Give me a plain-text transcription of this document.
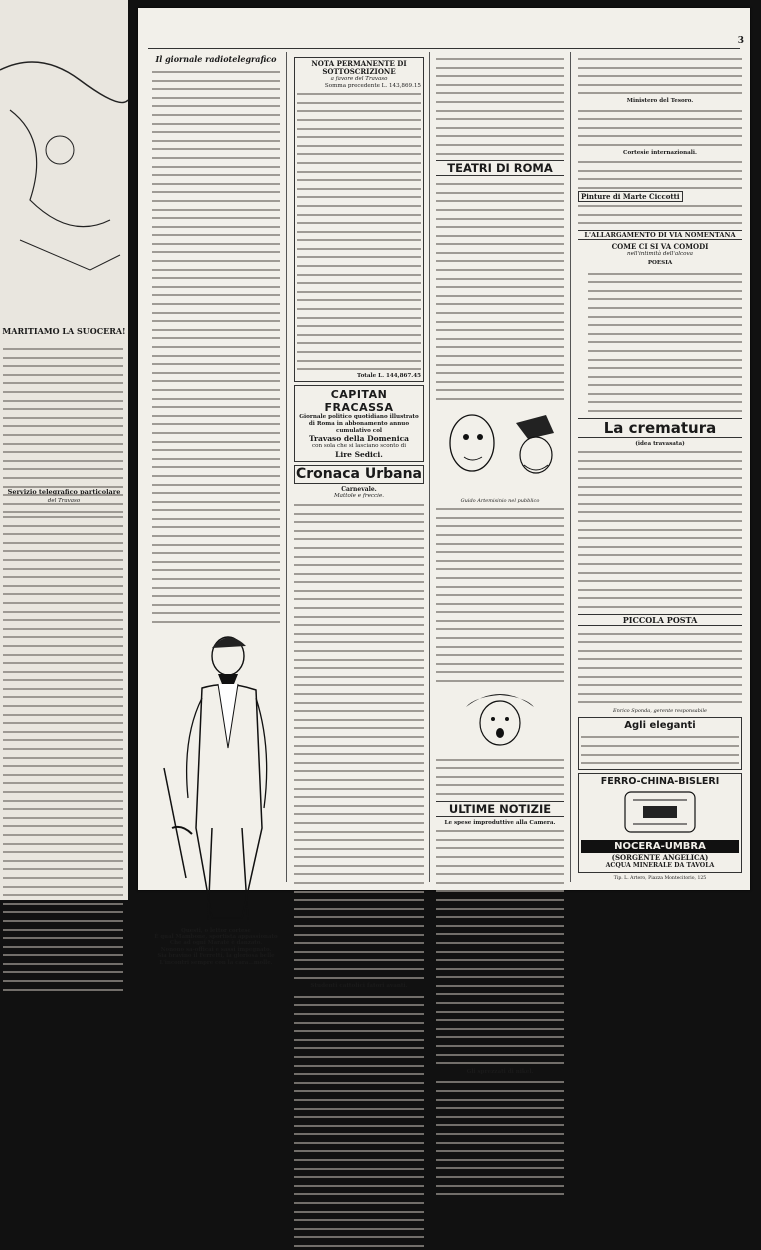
MARITIAMO LA SUOCERA!
3
Il giornale radiotelegrafico
Questi, o lettor cortese
È qual Mambone, sportista appassionato
Che ad ogni Maratè è danzato.
Nonono sa-officai e sassi impegnato.
Sia bravino il Ferretti, la gloriosa belle
L'incontri sempre con la cara...molle.
NOTA PERMANENTE DI SOTTOSCRIZIONE
a favore del Travaso
Somma precedente L. 143,869.15
Totale L. 144,867.45
CAPITAN FRACASSA
Giornale politico quotidiano illustrato di Roma in abbonamento annuo cumulativo col
Travaso della Domenica
con sola che si lasciano sconto di
Lire Sedici.
Cronaca Urbana
Carnevale.
Mattole e freccie.
Studenti cattolici fatori avanti.
TEATRI DI ROMA
Guido Artemisinio nel pubblico
ULTIME NOTIZIE
Le spese improduttive alla Camera.
Gli sprezzati di nikel.
Ministero del Tesoro.
Cortesie internazionali.
Pinture di Marte Ciccotti
L'ALLARGAMENTO DI VIA NOMENTANA
COME CI SI VA COMODI
nell'intimità dell'alcova
POESIA
La crematura
(idea travasata)
PICCOLA POSTA
Enrico Sponda, gerente responsabile
Agli eleganti
FERRO-CHINA-BISLERI
NOCERA-UMBRA
(SORGENTE ANGELICA)
ACQUA MINERALE DA TAVOLA
Tip. L. Artero, Piazza Montecitorio, 125
